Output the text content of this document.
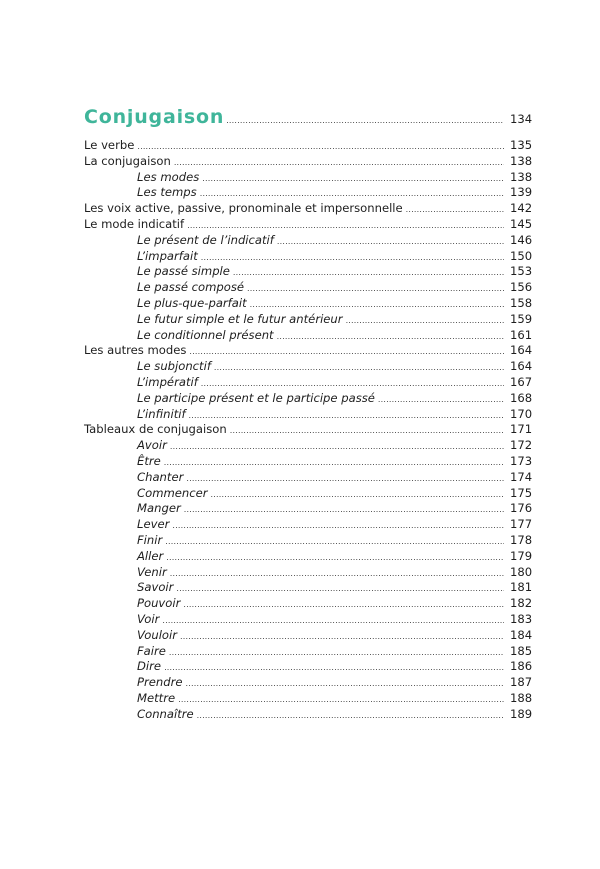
Conjugaison .....	134
Le verbe .....	135
La conjugaison .....	138
Les modes .....	138
Les temps .....	139
Les voix active, passive, pronominale et impersonnelle .....	142
Le mode indicatif .....	145
Le présent de l’indicatif .....	146
L’imparfait .....	150
Le passé simple .....	153
Le passé composé .....	156
Le plus-que-parfait .....	158
Le futur simple et le futur antérieur .....	159
Le conditionnel présent .....	161
Les autres modes .....	164
Le subjonctif .....	164
L’impératif .....	167
Le participe présent et le participe passé .....	168
L’infinitif .....	170
Tableaux de conjugaison .....	171
Avoir .....	172
Être .....	173
Chanter .....	174
Commencer .....	175
Manger .....	176
Lever .....	177
Finir .....	178
Aller .....	179
Venir .....	180
Savoir .....	181
Pouvoir .....	182
Voir .....	183
Vouloir .....	184
Faire .....	185
Dire .....	186
Prendre .....	187
Mettre .....	188
Connaître .....	189
